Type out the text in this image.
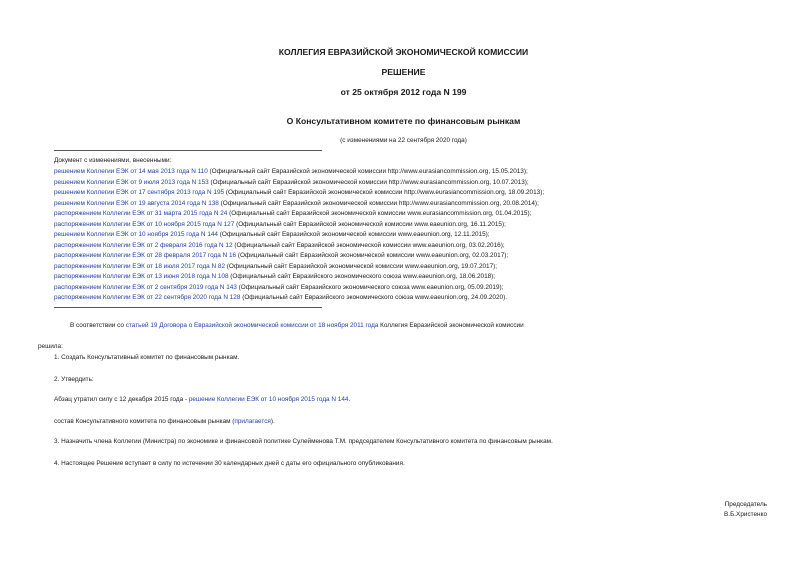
КОЛЛЕГИЯ ЕВРАЗИЙСКОЙ ЭКОНОМИЧЕСКОЙ КОМИССИИ
РЕШЕНИЕ
от 25 октября 2012 года N 199
О Консультативном комитете по финансовым рынкам
(с изменениями на 22 сентября 2020 года)
Документ с изменениями, внесенными:
решением Коллегии ЕЭК от 14 мая 2013 года N 110 (Официальный сайт Евразийской экономической комиссии http://www.eurasiancommission.org, 15.05.2013);
решением Коллегии ЕЭК от 9 июля 2013 года N 153 (Официальный сайт Евразийской экономической комиссии http://www.eurasiancommission.org, 10.07.2013);
решением Коллегии ЕЭК от 17 сентября 2013 года N 195 (Официальный сайт Евразийской экономической комиссии http://www.eurasiancommission.org, 18.09.2013);
решением Коллегии ЕЭК от 19 августа 2014 года N 138 (Официальный сайт Евразийской экономической комиссии http://www.eurasiancommission.org, 20.08.2014);
распоряжением Коллегии ЕЭК от 31 марта 2015 года N 24 (Официальный сайт Евразийской экономической комиссии www.eurasiancommission.org, 01.04.2015);
распоряжением Коллегии ЕЭК от 10 ноября 2015 года N 127 (Официальный сайт Евразийской экономической комиссии www.eaeunion.org, 16.11.2015);
решением Коллегии ЕЭК от 10 ноября 2015 года N 144 (Официальный сайт Евразийской экономической комиссии www.eaeunion.org, 12.11.2015);
распоряжением Коллегии ЕЭК от 2 февраля 2016 года N 12 (Официальный сайт Евразийской экономической комиссии www.eaeunion.org, 03.02.2016);
распоряжением Коллегии ЕЭК от 28 февраля 2017 года N 16 (Официальный сайт Евразийской экономической комиссии www.eaeunion.org, 02.03.2017);
распоряжением Коллегии ЕЭК от 18 июля 2017 года N 82 (Официальный сайт Евразийской экономической комиссии www.eaeunion.org, 19.07.2017);
распоряжением Коллегии ЕЭК от 13 июня 2018 года N 108 (Официальный сайт Евразийского экономического союза www.eaeunion.org, 18.06.2018);
распоряжением Коллегии ЕЭК от 2 сентября 2019 года N 143 (Официальный сайт Евразийского экономического союза www.eaeunion.org, 05.09.2019);
распоряжением Коллегии ЕЭК от 22 сентября 2020 года N 128 (Официальный сайт Евразийского экономического союза www.eaeunion.org, 24.09.2020).
В соответствии со статьей 19 Договора о Евразийской экономической комиссии от 18 ноября 2011 года Коллегия Евразийской экономической комиссии
решила:
1. Создать Консультативный комитет по финансовым рынкам.
2. Утвердить:
Абзац утратил силу с 12 декабря 2015 года - решение Коллегии ЕЭК от 10 ноября 2015 года N 144.
состав Консультативного комитета по финансовым рынкам (прилагается).
3. Назначить члена Коллегии (Министра) по экономике и финансовой политике Сулейменова Т.М. председателем Консультативного комитета по финансовым рынкам.
4. Настоящее Решение вступает в силу по истечении 30 календарных дней с даты его официального опубликования.
Председатель
В.Б.Христенко
